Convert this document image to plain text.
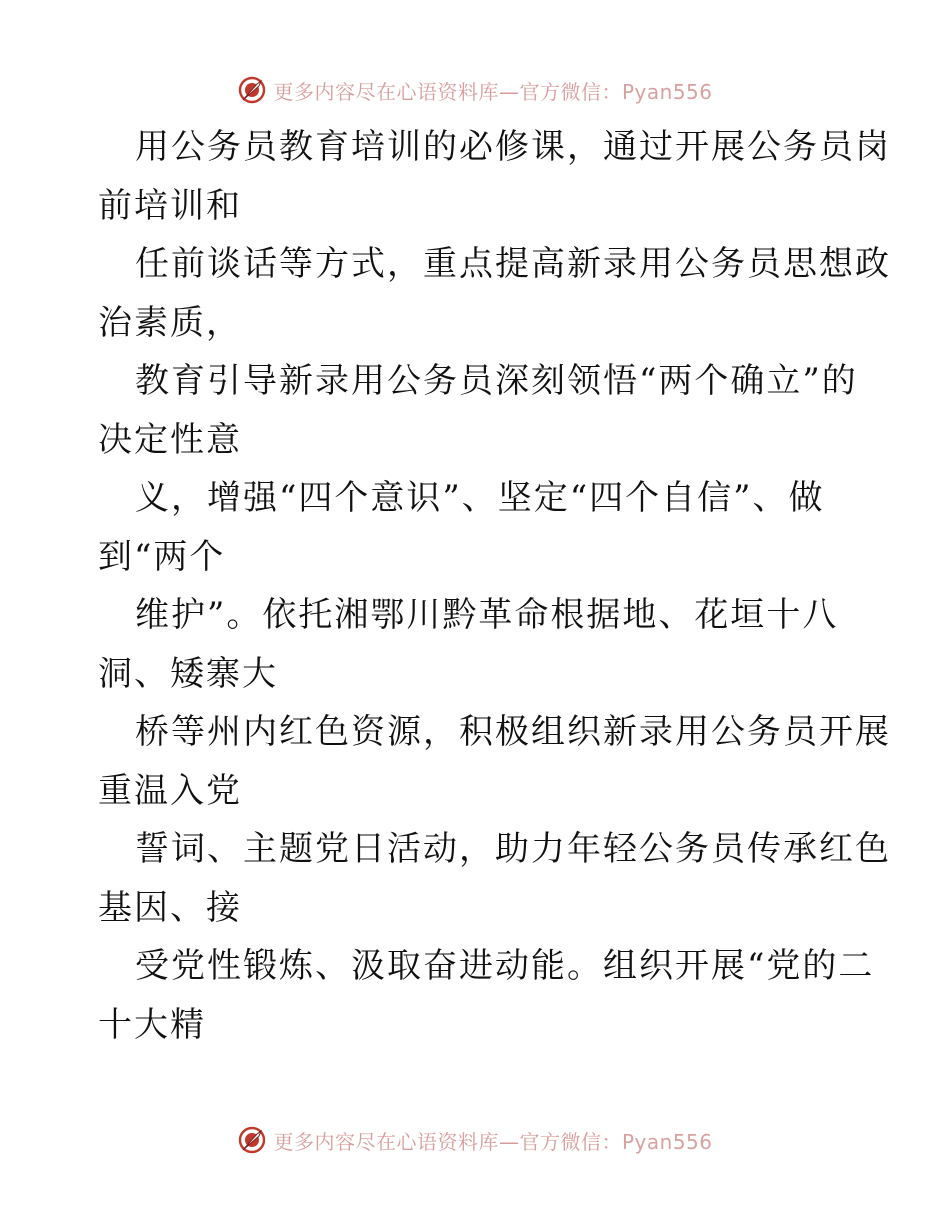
更多内容尽在心语资料库—官方微信：Pyan556
用公务员教育培训的必修课，通过开展公务员岗
前培训和
任前谈话等方式，重点提高新录用公务员思想政
治素质，
教育引导新录用公务员深刻领悟“两个确立”的
决定性意
义，增强“四个意识”、坚定“四个自信”、做
到“两个
维护”。依托湘鄂川黔革命根据地、花垣十八
洞、矮寨大
桥等州内红色资源，积极组织新录用公务员开展
重温入党
誓词、主题党日活动，助力年轻公务员传承红色
基因、接
受党性锻炼、汲取奋进动能。组织开展“党的二
十大精
更多内容尽在心语资料库—官方微信：Pyan556
